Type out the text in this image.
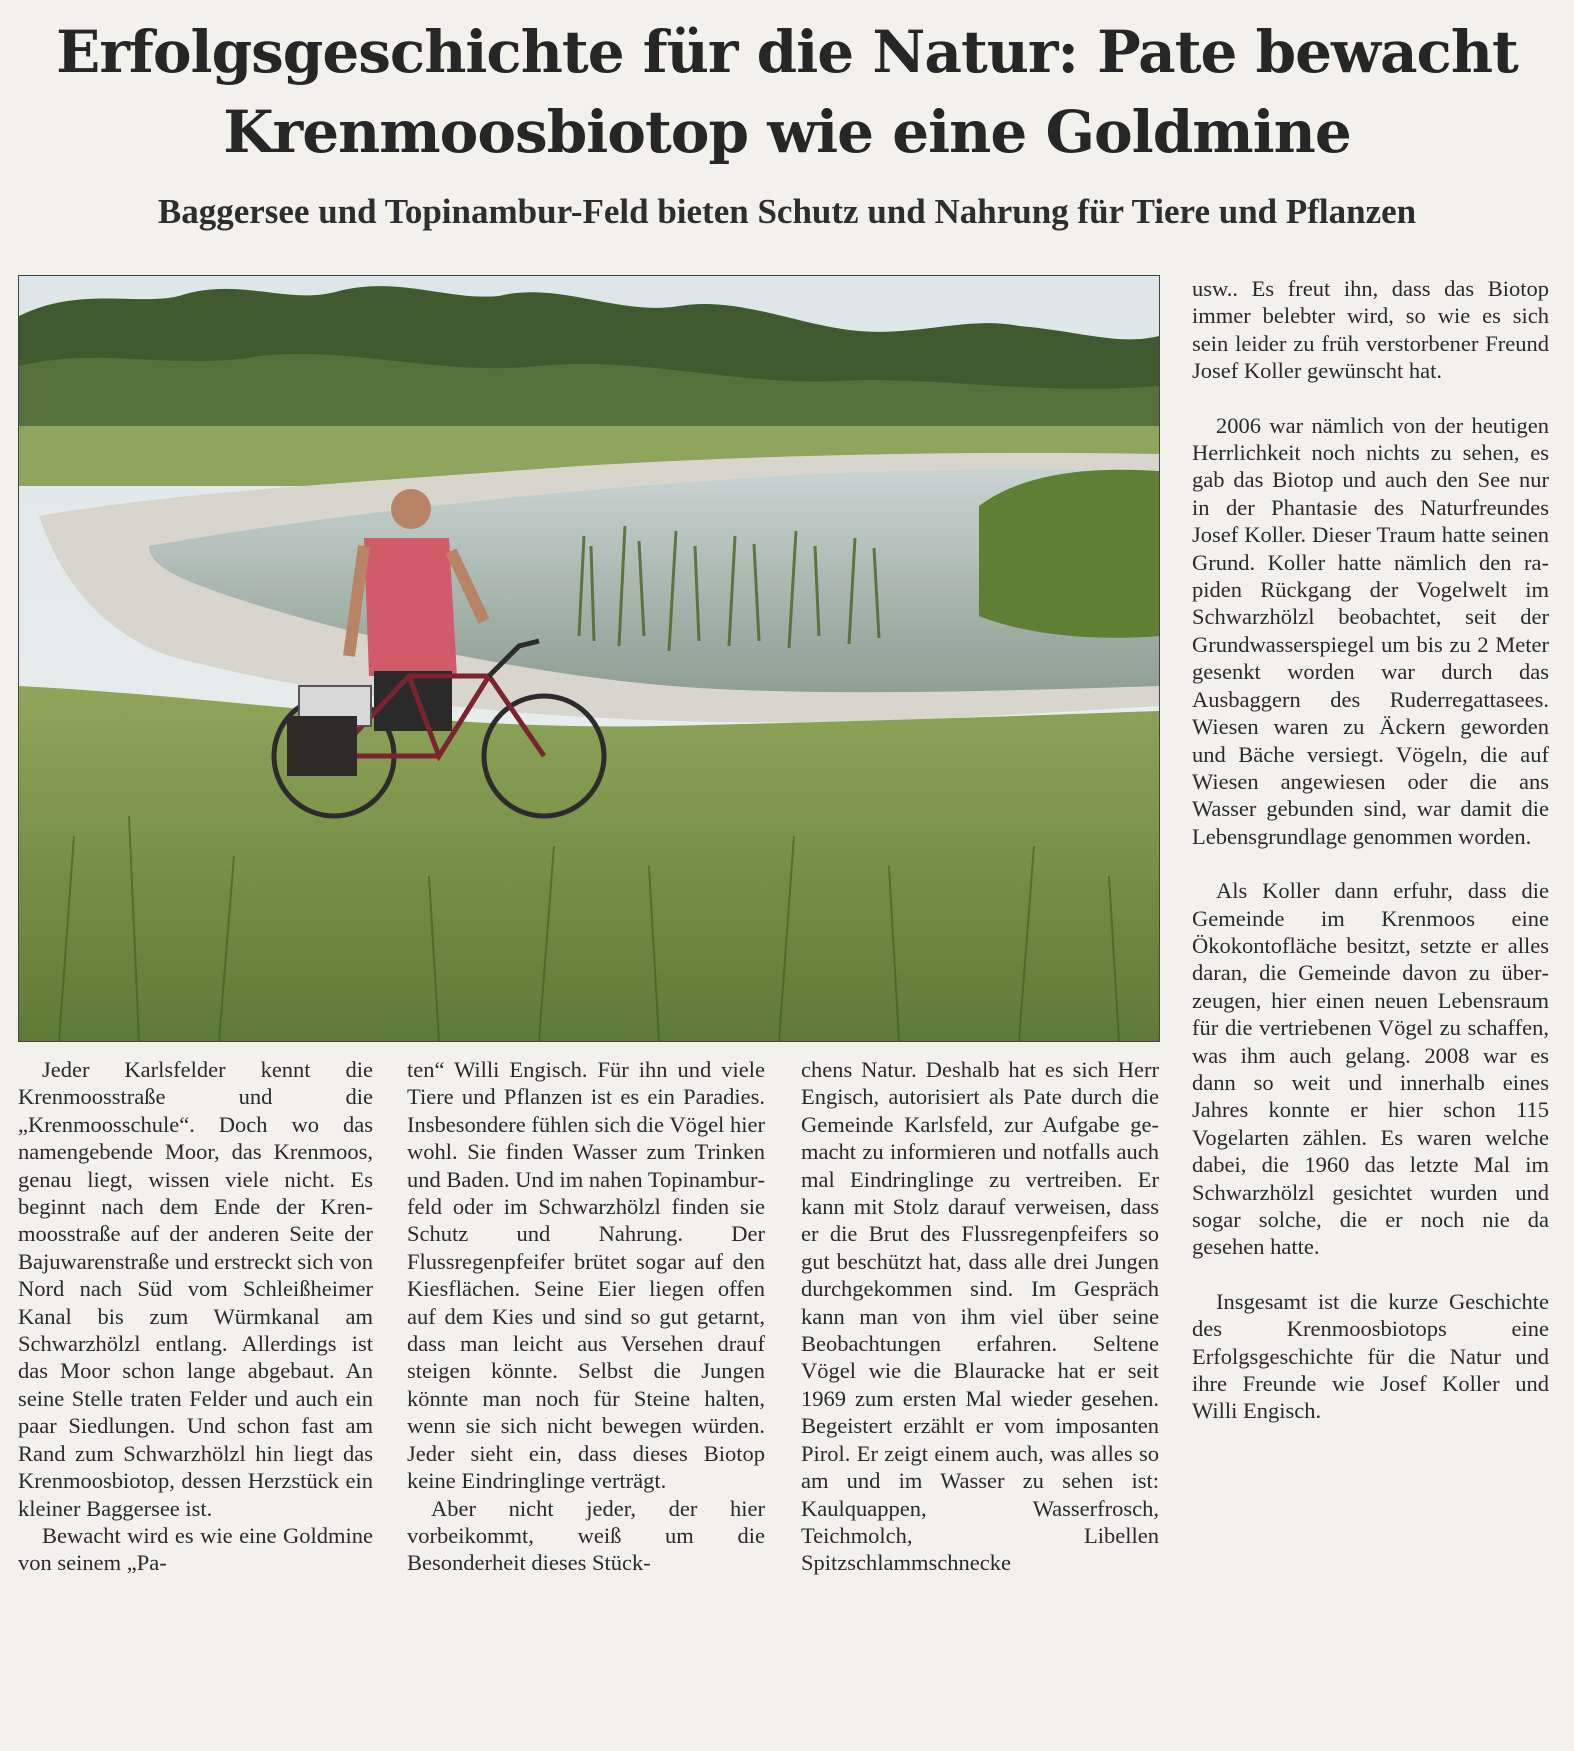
Erfolgsgeschichte für die Natur: Pate bewacht Krenmoosbiotop wie eine Goldmine
Baggersee und Topinambur-Feld bieten Schutz und Nahrung für Tiere und Pflanzen

Jeder Karlsfelder kennt die Krenmoosstraße und die „Krenmoosschule“. Doch wo das namengebende Moor, das Krenmoos, genau liegt, wissen viele nicht. Es beginnt nach dem Ende der Krenmoosstraße auf der anderen Seite der Bajuwarenstraße und erstreckt sich von Nord nach Süd vom Schleißheimer Kanal bis zum Würmkanal am Schwarzhölzl entlang. Allerdings ist das Moor schon lange abgebaut. An seine Stelle traten Felder und auch ein paar Siedlungen. Und schon fast am Rand zum Schwarzhölzl hin liegt das Krenmoosbiotop, dessen Herzstück ein kleiner Baggersee ist.

Bewacht wird es wie eine Goldmine von seinem „Pa-

ten“ Willi Engisch. Für ihn und viele Tiere und Pflanzen ist es ein Paradies. Insbesondere fühlen sich die Vögel hier wohl. Sie finden Wasser zum Trinken und Baden. Und im nahen Topinamburfeld oder im Schwarzhölzl finden sie Schutz und Nahrung. Der Flussregenpfeifer brütet sogar auf den Kiesflächen. Seine Eier liegen offen auf dem Kies und sind so gut getarnt, dass man leicht aus Versehen drauf steigen könnte. Selbst die Jungen könnte man noch für Steine halten, wenn sie sich nicht bewegen würden. Jeder sieht ein, dass dieses Biotop keine Eindringlinge verträgt.

Aber nicht jeder, der hier vorbeikommt, weiß um die Besonderheit dieses Stück-

chens Natur. Deshalb hat es sich Herr Engisch, autorisiert als Pate durch die Gemeinde Karlsfeld, zur Aufgabe gemacht zu informieren und notfalls auch mal Eindringlinge zu vertreiben. Er kann mit Stolz darauf verweisen, dass er die Brut des Flussregenpfeifers so gut beschützt hat, dass alle drei Jungen durchgekommen sind. Im Gespräch kann man von ihm viel über seine Beobachtungen erfahren. Seltene Vögel wie die Blauracke hat er seit 1969 zum ersten Mal wieder gesehen. Begeistert erzählt er vom imposanten Pirol. Er zeigt einem auch, was alles so am und im Wasser zu sehen ist: Kaulquappen, Wasserfrosch, Teichmolch, Libellen Spitzschlammschnecke

usw.. Es freut ihn, dass das Biotop immer belebter wird, so wie es sich sein leider zu früh verstorbener Freund Josef Koller gewünscht hat.

2006 war nämlich von der heutigen Herrlichkeit noch nichts zu sehen, es gab das Biotop und auch den See nur in der Phantasie des Naturfreundes Josef Koller. Dieser Traum hatte seinen Grund. Koller hatte nämlich den rapiden Rückgang der Vogelwelt im Schwarzhölzl beobachtet, seit der Grundwasserspiegel um bis zu 2 Meter gesenkt worden war durch das Ausbaggern des Ruderregattasees. Wiesen waren zu Äckern geworden und Bäche versiegt. Vögeln, die auf Wiesen angewiesen oder die ans Wasser gebunden sind, war damit die Lebensgrundlage genommen worden.

Als Koller dann erfuhr, dass die Gemeinde im Krenmoos eine Ökokontofläche besitzt, setzte er alles daran, die Gemeinde davon zu überzeugen, hier einen neuen Lebensraum für die vertriebenen Vögel zu schaffen, was ihm auch gelang. 2008 war es dann so weit und innerhalb eines Jahres konnte er hier schon 115 Vogelarten zählen. Es waren welche dabei, die 1960 das letzte Mal im Schwarzhölzl gesichtet wurden und sogar solche, die er noch nie da gesehen hatte.

Insgesamt ist die kurze Geschichte des Krenmoosbiotops eine Erfolgsgeschichte für die Natur und ihre Freunde wie Josef Koller und Willi Engisch.
